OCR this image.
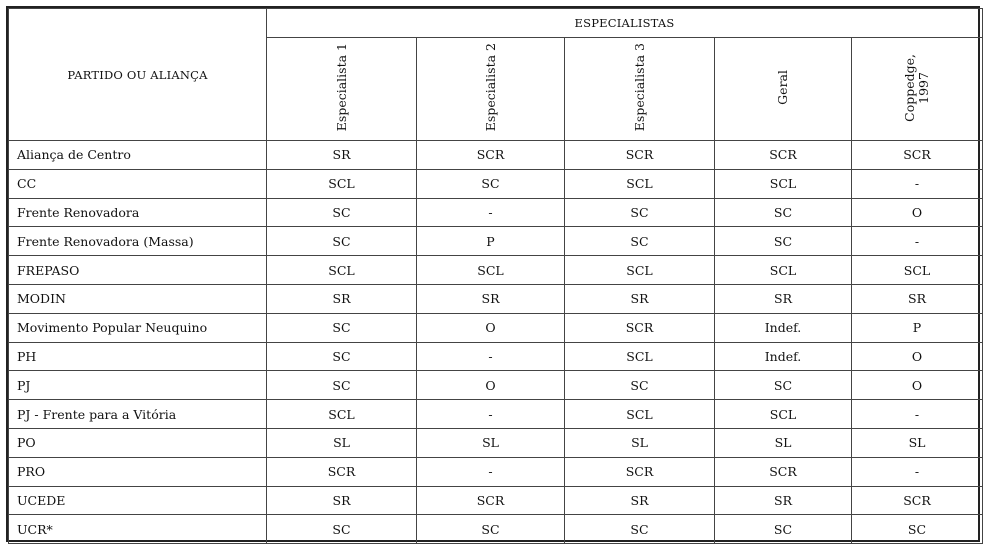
PARTIDO OU ALIANÇA	ESPECIALISTAS				

	Especialista 1	Especialista 2	Especialista 3	Geral	Coppedge, 1997

Aliança de Centro	SR	SCR	SCR	SCR	SCR
CC	SCL	SC	SCL	SCL	-
Frente Renovadora	SC	-	SC	SC	O
Frente Renovadora (Massa)	SC	P	SC	SC	-
FREPASO	SCL	SCL	SCL	SCL	SCL
MODIN	SR	SR	SR	SR	SR
Movimento Popular Neuquino	SC	O	SCR	Indef.	P
PH	SC	-	SCL	Indef.	O
PJ	SC	O	SC	SC	O
PJ - Frente para a Vitória	SCL	-	SCL	SCL	-
PO	SL	SL	SL	SL	SL
PRO	SCR	-	SCR	SCR	-
UCEDE	SR	SCR	SR	SR	SCR
UCR*	SC	SC	SC	SC	SC
